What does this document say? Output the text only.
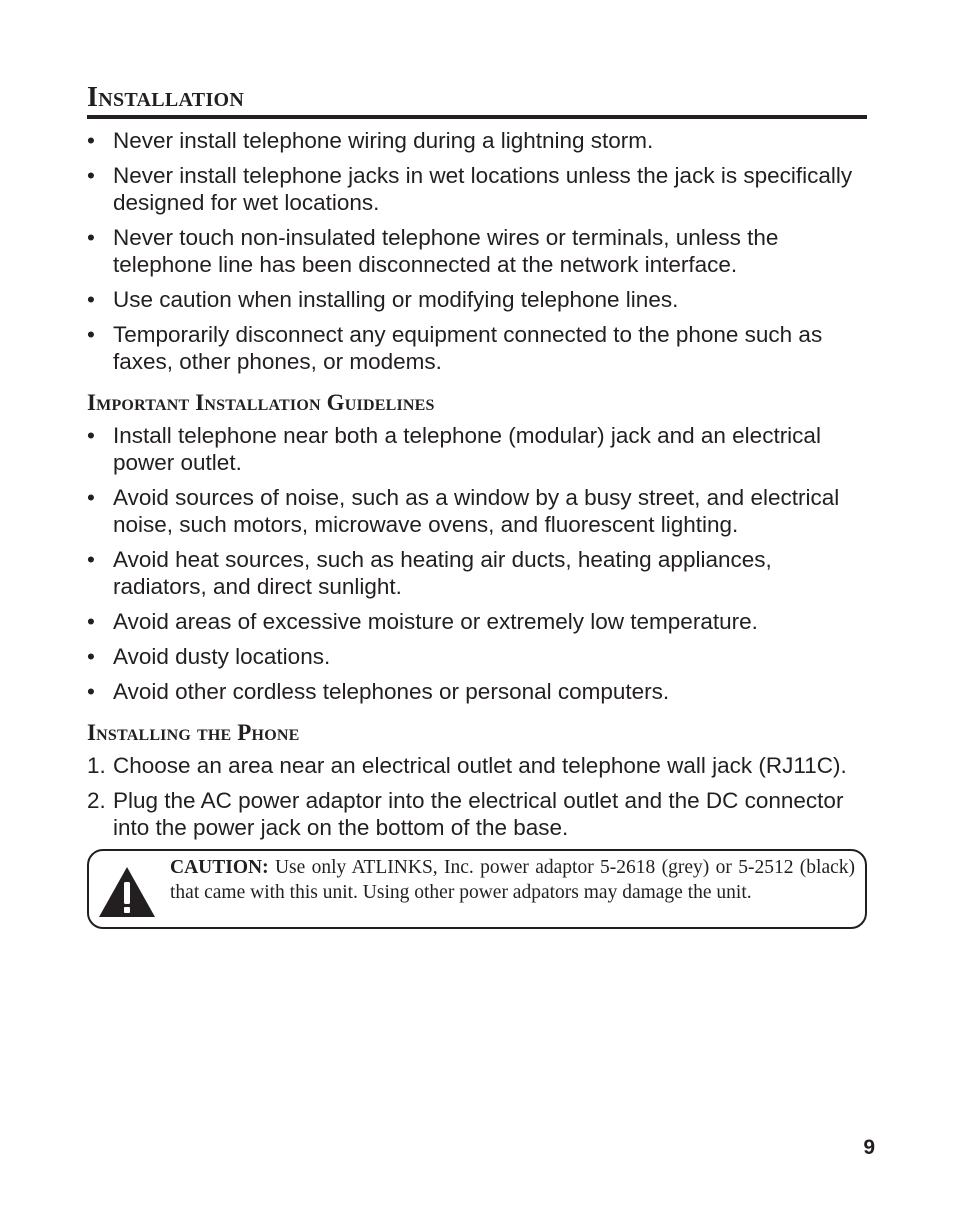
Installation
• Never install telephone wiring during a lightning storm.
• Never install telephone jacks in wet locations unless the jack is specifically designed for wet locations.
• Never touch non-insulated telephone wires or terminals, unless the telephone line has been disconnected at the network interface.
• Use caution when installing or modifying telephone lines.
• Temporarily disconnect any equipment connected to the phone such as faxes, other phones, or modems.
Important Installation Guidelines
• Install telephone near both a telephone (modular) jack and an electrical power outlet.
• Avoid sources of noise, such as a window by a busy street, and electrical noise, such motors, microwave ovens, and fluorescent lighting.
• Avoid heat sources, such as heating air ducts, heating appliances, radiators, and direct sunlight.
• Avoid areas of excessive moisture or extremely low temperature.
• Avoid dusty locations.
• Avoid other cordless telephones or personal computers.
Installing the Phone
1. Choose an area near an electrical outlet and telephone wall jack (RJ11C).
2. Plug the AC power adaptor into the electrical outlet and the DC connector into the power jack on the bottom of the base.
CAUTION: Use only ATLINKS, Inc. power adaptor 5-2618 (grey) or 5-2512 (black) that came with this unit. Using other power adpators may damage the unit.
9
